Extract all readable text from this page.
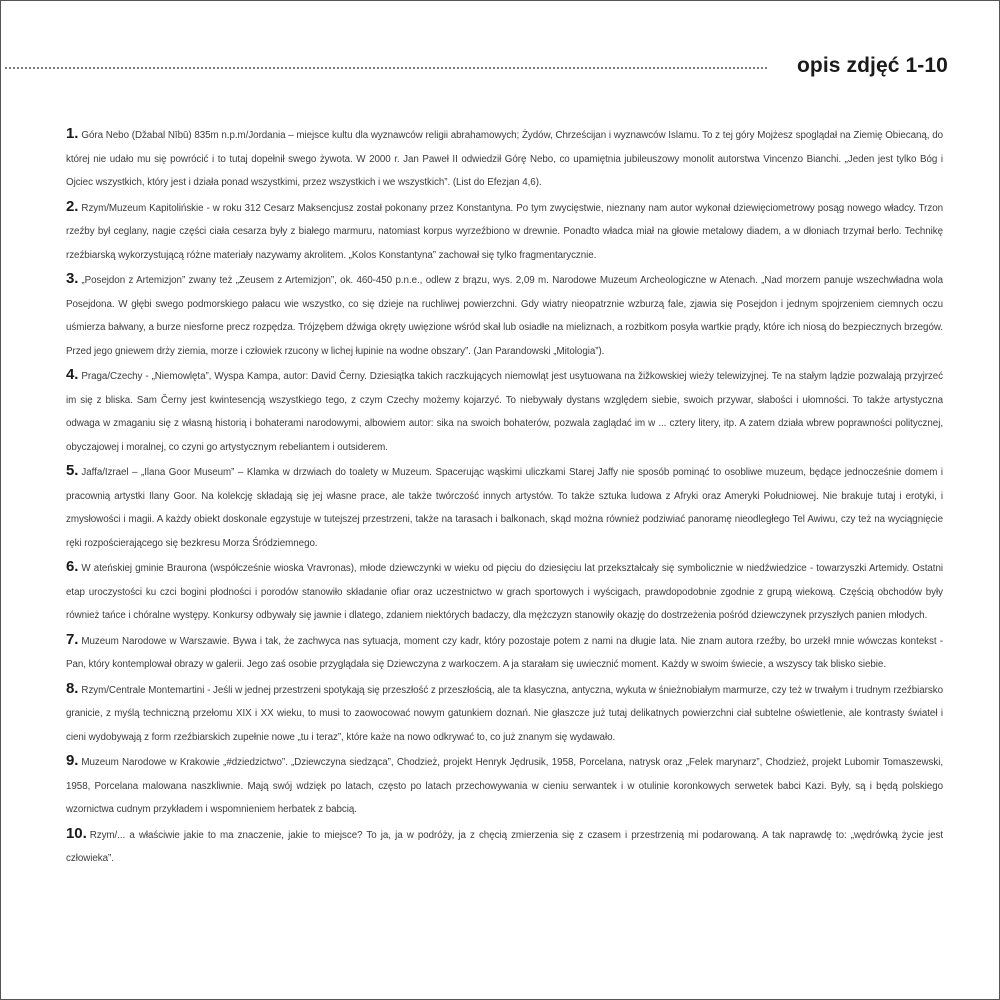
opis zdjęć 1-10

1. Góra Nebo (Džabal Nībū) 835m n.p.m/Jordania – miejsce kultu dla wyznawców religii abrahamowych; Żydów, Chrześcijan i wyznawców Islamu. To z tej góry Mojżesz spoglądał na Ziemię Obiecaną, do której nie udało mu się powrócić i to tutaj dopełnił swego żywota. W 2000 r. Jan Paweł II odwiedził Górę Nebo, co upamiętnia jubileuszowy monolit autorstwa Vincenzo Bianchi. „Jeden jest tylko Bóg i Ojciec wszystkich, który jest i działa ponad wszystkimi, przez wszystkich i we wszystkich”. (List do Efezjan 4,6).

2. Rzym/Muzeum Kapitolińskie - w roku 312 Cesarz Maksencjusz został pokonany przez Konstantyna. Po tym zwycięstwie, nieznany nam autor wykonał dziewięciometrowy posąg nowego władcy. Trzon rzeźby był ceglany, nagie części ciała cesarza były z białego marmuru, natomiast korpus wyrzeźbiono w drewnie. Ponadto władca miał na głowie metalowy diadem, a w dłoniach trzymał berło. Technikę rzeźbiarską wykorzystującą różne materiały nazywamy akrolitem. „Kolos Konstantyna” zachował się tylko fragmentarycznie.

3. „Posejdon z Artemizjon” zwany też „Zeusem z Artemizjon”, ok. 460-450 p.n.e., odlew z brązu, wys. 2,09 m. Narodowe Muzeum Archeologiczne w Atenach. „Nad morzem panuje wszechwładna wola Posejdona. W głębi swego podmorskiego pałacu wie wszystko, co się dzieje na ruchliwej powierzchni. Gdy wiatry nieopatrznie wzburzą fale, zjawia się Posejdon i jednym spojrzeniem ciemnych oczu uśmierza bałwany, a burze niesforne precz rozpędza. Trójzębem dźwiga okręty uwięzione wśród skał lub osiadłe na mieliznach, a rozbitkom posyła wartkie prądy, które ich niosą do bezpiecznych brzegów. Przed jego gniewem drży ziemia, morze i człowiek rzucony w lichej łupinie na wodne obszary”. (Jan Parandowski „Mitologia”).

4. Praga/Czechy - „Niemowlęta”, Wyspa Kampa, autor: David Černy. Dziesiątka takich raczkujących niemowląt jest usytuowana na žižkowskiej wieży telewizyjnej. Te na stałym lądzie pozwalają przyjrzeć im się z bliska. Sam Černy jest kwintesencją wszystkiego tego, z czym Czechy możemy kojarzyć. To niebywały dystans względem siebie, swoich przywar, słabości i ułomności. To także artystyczna odwaga w zmaganiu się z własną historią i bohaterami narodowymi, albowiem autor: sika na swoich bohaterów, pozwala zaglądać im w ... cztery litery, itp. A zatem działa wbrew poprawności politycznej, obyczajowej i moralnej, co czyni go artystycznym rebeliantem i outsiderem.

5. Jaffa/Izrael – „Ilana Goor Museum” – Klamka w drzwiach do toalety w Muzeum. Spacerując wąskimi uliczkami Starej Jaffy nie sposób pominąć to osobliwe muzeum, będące jednocześnie domem i pracownią artystki Ilany Goor. Na kolekcję składają się jej własne prace, ale także twórczość innych artystów. To także sztuka ludowa z Afryki oraz Ameryki Południowej. Nie brakuje tutaj i erotyki, i zmysłowości i magii. A każdy obiekt doskonale egzystuje w tutejszej przestrzeni, także na tarasach i balkonach, skąd można również podziwiać panoramę nieodległego Tel Awiwu, czy też na wyciągnięcie ręki rozpościerającego się bezkresu Morza Śródziemnego.

6. W ateńskiej gminie Braurona (współcześnie wioska Vravronas), młode dziewczynki w wieku od pięciu do dziesięciu lat przekształcały się symbolicznie w niedźwiedzice - towarzyszki Artemidy. Ostatni etap uroczystości ku czci bogini płodności i porodów stanowiło składanie ofiar oraz uczestnictwo w grach sportowych i wyścigach, prawdopodobnie zgodnie z grupą wiekową. Częścią obchodów były również tańce i chóralne występy. Konkursy odbywały się jawnie i dlatego, zdaniem niektórych badaczy, dla mężczyzn stanowiły okazję do dostrzeżenia pośród dziewczynek przyszłych panien młodych.

7. Muzeum Narodowe w Warszawie. Bywa i tak, że zachwyca nas sytuacja, moment czy kadr, który pozostaje potem z nami na długie lata. Nie znam autora rzeźby, bo urzekł mnie wówczas kontekst - Pan, który kontemplował obrazy w galerii. Jego zaś osobie przyglądała się Dziewczyna z warkoczem. A ja starałam się uwiecznić moment. Każdy w swoim świecie, a wszyscy tak blisko siebie.

8. Rzym/Centrale Montemartini - Jeśli w jednej przestrzeni spotykają się przeszłość z przeszłością, ale ta klasyczna, antyczna, wykuta w śnieżnobiałym marmurze, czy też w trwałym i trudnym rzeźbiarsko granicie, z myślą techniczną przełomu XIX i XX wieku, to musi to zaowocować nowym gatunkiem doznań. Nie głaszcze już tutaj delikatnych powierzchni ciał subtelne oświetlenie, ale kontrasty świateł i cieni wydobywają z form rzeźbiarskich zupełnie nowe „tu i teraz”, które każe na nowo odkrywać to, co już znanym się wydawało.

9. Muzeum Narodowe w Krakowie „#dziedzictwo”. „Dziewczyna siedząca”, Chodzież, projekt Henryk Jędrusik, 1958, Porcelana, natrysk oraz „Felek marynarz”, Chodzież, projekt Lubomir Tomaszewski, 1958, Porcelana malowana naszkliwnie. Mają swój wdzięk po latach, często po latach przechowywania w cieniu serwantek i w otulinie koronkowych serwetek babci Kazi. Były, są i będą polskiego wzornictwa cudnym przykładem i wspomnieniem herbatek z babcią.

10. Rzym/... a właściwie jakie to ma znaczenie, jakie to miejsce? To ja, ja w podróży, ja z chęcią zmierzenia się z czasem i przestrzenią mi podarowaną. A tak naprawdę to: „wędrówką życie jest człowieka”.
